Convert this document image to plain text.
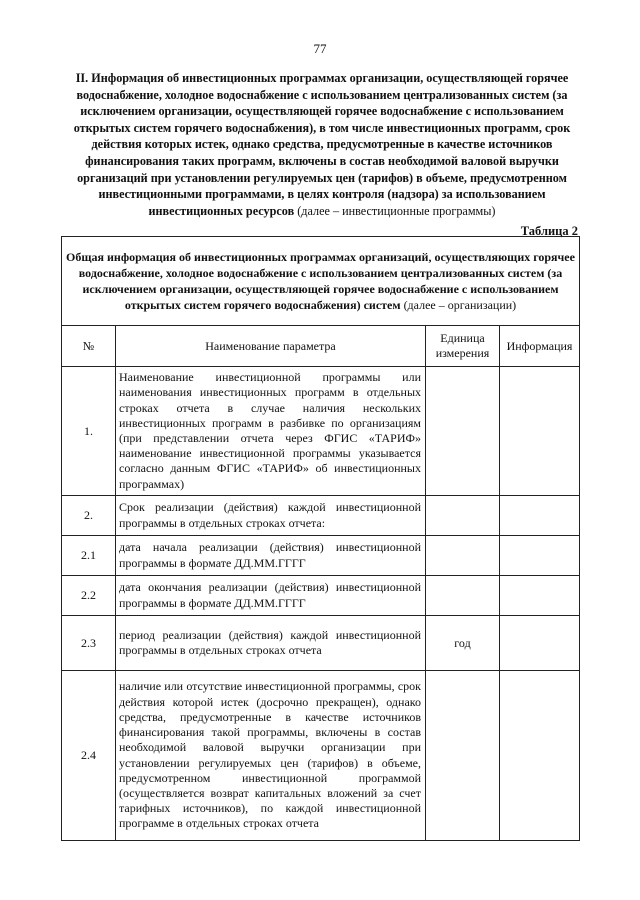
77
II. Информация об инвестиционных программах организации, осуществляющей горячее водоснабжение, холодное водоснабжение с использованием централизованных систем (за исключением организации, осуществляющей горячее водоснабжение с использованием открытых систем горячего водоснабжения), в том числе инвестиционных программ, срок действия которых истек, однако средства, предусмотренные в качестве источников финансирования таких программ, включены в состав необходимой валовой выручки организаций при установлении регулируемых цен (тарифов) в объеме, предусмотренном инвестиционными программами, в целях контроля (надзора) за использованием инвестиционных ресурсов (далее – инвестиционные программы)
Таблица 2
Общая информация об инвестиционных программах организаций, осуществляющих горячее водоснабжение, холодное водоснабжение с использованием централизованных систем (за исключением организации, осуществляющей горячее водоснабжение с использованием открытых систем горячего водоснабжения) систем (далее – организации)			
№	Наименование параметра	Единица измерения	Информация
1.	Наименование инвестиционной программы или наименования инвестиционных программ в отдельных строках отчета в случае наличия нескольких инвестиционных программ в разбивке по организациям (при представлении отчета через ФГИС «ТАРИФ» наименование инвестиционной программы указывается согласно данным ФГИС «ТАРИФ» об инвестиционных программах)		
2.	Срок реализации (действия) каждой инвестиционной программы в отдельных строках отчета:		
2.1	дата начала реализации (действия) инвестиционной программы в формате ДД.ММ.ГГГГ		
2.2	дата окончания реализации (действия) инвестиционной программы в формате ДД.ММ.ГГГГ		
2.3	период реализации (действия) каждой инвестиционной программы в отдельных строках отчета	год	
2.4	наличие или отсутствие инвестиционной программы, срок действия которой истек (досрочно прекращен), однако средства, предусмотренные в качестве источников финансирования такой программы, включены в состав необходимой валовой выручки организации при установлении регулируемых цен (тарифов) в объеме, предусмотренном инвестиционной программой (осуществляется возврат капитальных вложений за счет тарифных источников), по каждой инвестиционной программе в отдельных строках отчета		
